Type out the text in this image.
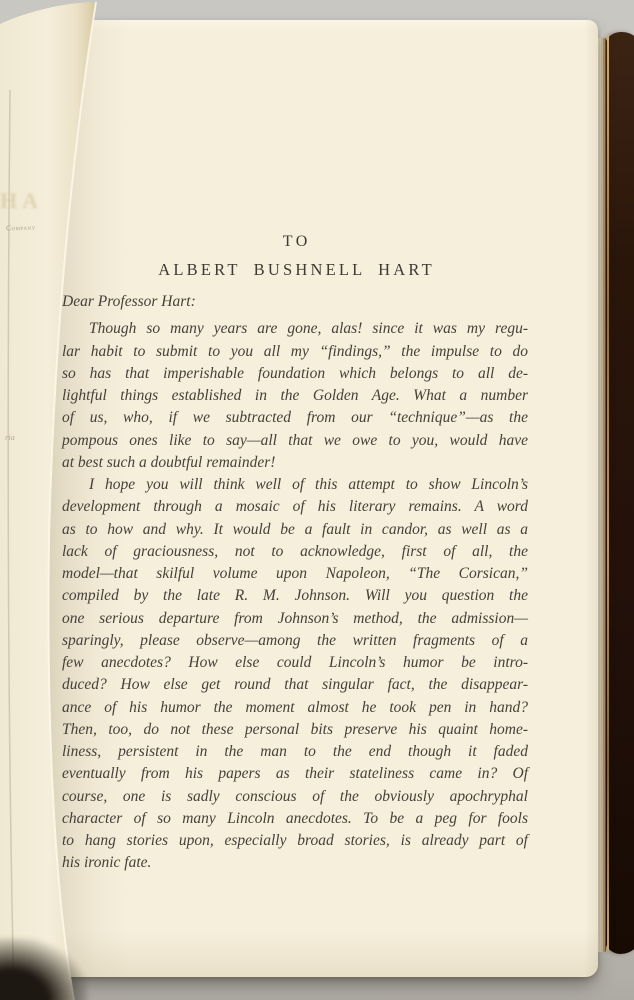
TO
ALBERT BUSHNELL HART
Dear Professor Hart:
Though so many years are gone, alas! since it was my regu-
lar habit to submit to you all my “findings,” the impulse to do
so has that imperishable foundation which belongs to all de-
lightful things established in the Golden Age. What a number
of us, who, if we subtracted from our “technique”—as the
pompous ones like to say—all that we owe to you, would have
at best such a doubtful remainder!
I hope you will think well of this attempt to show Lincoln’s
development through a mosaic of his literary remains. A word
as to how and why. It would be a fault in candor, as well as a
lack of graciousness, not to acknowledge, first of all, the
model—that skilful volume upon Napoleon, “The Corsican,”
compiled by the late R. M. Johnson. Will you question the
one serious departure from Johnson’s method, the admission—
sparingly, please observe—among the written fragments of a
few anecdotes? How else could Lincoln’s humor be intro-
duced? How else get round that singular fact, the disappear-
ance of his humor the moment almost he took pen in hand?
Then, too, do not these personal bits preserve his quaint home-
liness, persistent in the man to the end though it faded
eventually from his papers as their stateliness came in? Of
course, one is sadly conscious of the obviously apochryphal
character of so many Lincoln anecdotes. To be a peg for fools
to hang stories upon, especially broad stories, is already part of
his ironic fate.
HA
Company
ria
